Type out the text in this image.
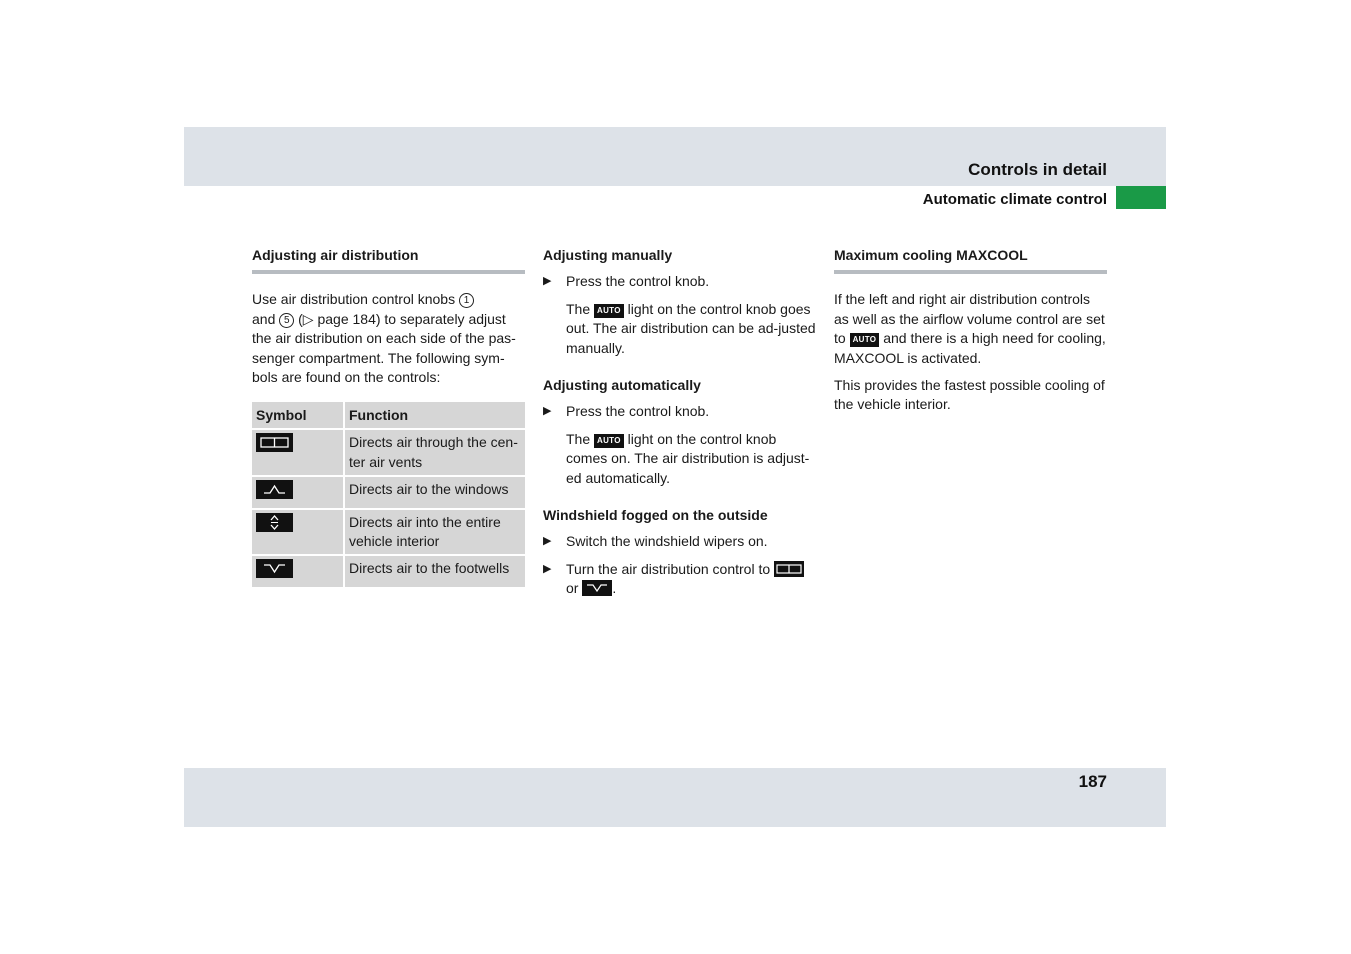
Controls in detail
Automatic climate control
Adjusting air distribution

Use air distribution control knobs 1
and 5 (▷ page 184) to separately adjust the air distribution on each side of the pas-senger compartment. The following sym-bols are found on the controls:

Symbol	Function
	Directs air through the cen-ter air vents
	Directs air to the windows
	Directs air into the entire vehicle interior
	Directs air to the footwells
Adjusting manually
▶ Press the control knob.
The AUTO light on the control knob goes out. The air distribution can be ad-justed manually.
Adjusting automatically
▶ Press the control knob.
The AUTO light on the control knob comes on. The air distribution is adjust-ed automatically.
Windshield fogged on the outside
▶ Switch the windshield wipers on.
▶ Turn the air distribution control to

or
.
Maximum cooling MAXCOOL

If the left and right air distribution controls as well as the airflow volume control are set to AUTO and there is a high need for cooling, MAXCOOL is activated.

This provides the fastest possible cooling of the vehicle interior.

187
